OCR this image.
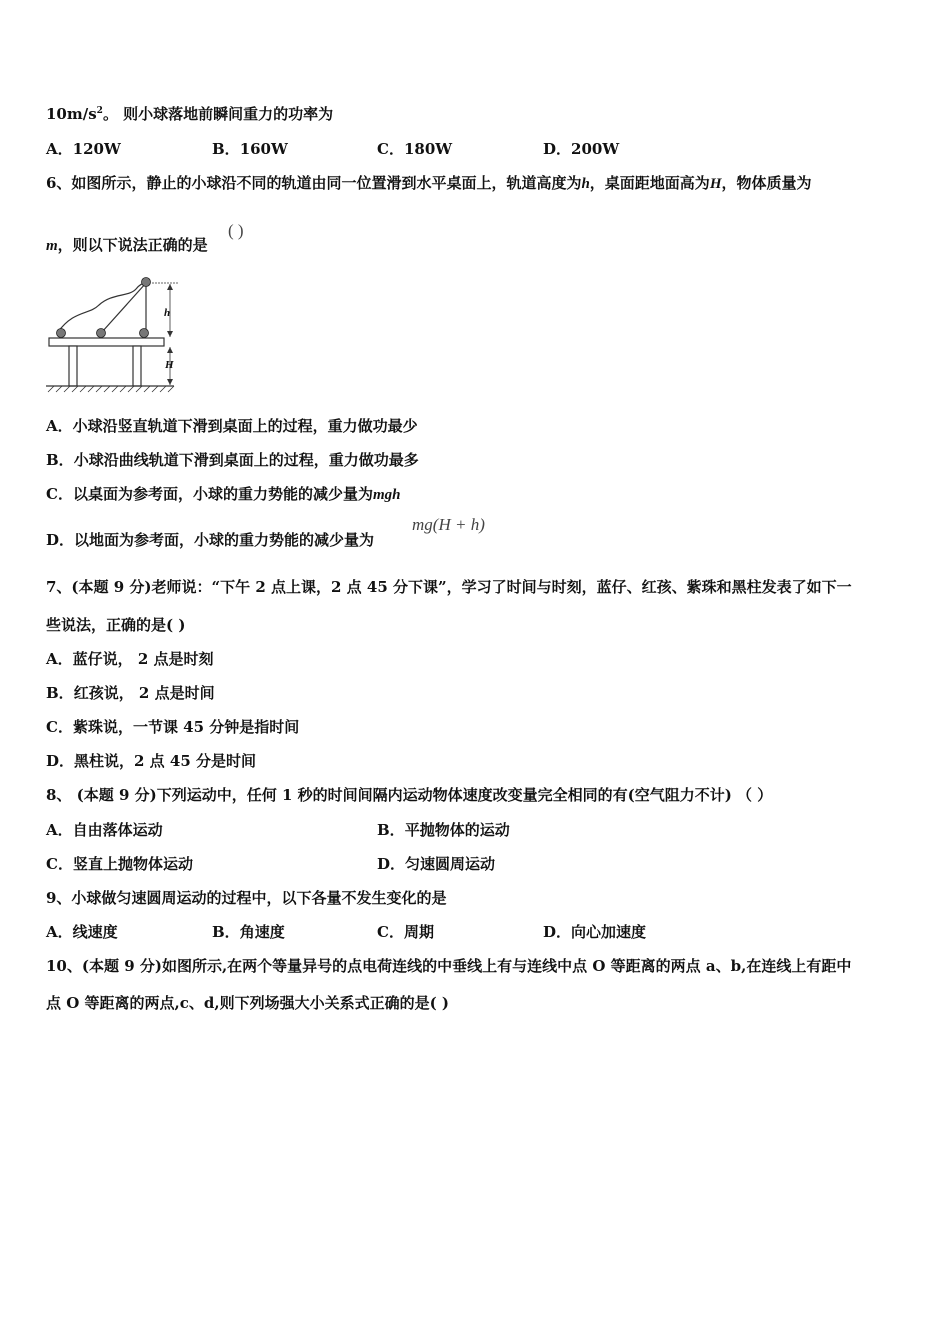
$10m/s^2$。 则小球落地前瞬间重力的功率为
A．120W	B．160W	C．180W	D．200W
6、如图所示，静止的小球沿不同的轨道由同一位置滑到水平桌面上，轨道高度为h，桌面距地面高为H，物体质量为
m，则以下说法正确的是
( )
h
H
A．小球沿竖直轨道下滑到桌面上的过程，重力做功最少
B．小球沿曲线轨道下滑到桌面上的过程，重力做功最多
C．以桌面为参考面，小球的重力势能的减少量为mgh
D．以地面为参考面，小球的重力势能的减少量为
mg(H + h)
7、(本题 9 分)老师说：“下午 2 点上课，2 点 45 分下课”，学习了时间与时刻，蓝仔、红孩、紫珠和黑柱发表了如下一
些说法，正确的是( )
A．蓝仔说， 2 点是时刻
B．红孩说， 2 点是时间
C．紫珠说，一节课 45 分钟是指时间
D．黑柱说，2 点 45 分是时间
8、 (本题 9 分)下列运动中，任何 1 秒的时间间隔内运动物体速度改变量完全相同的有(空气阻力不计) （ ）
A．自由落体运动	B．平抛物体的运动
C．竖直上抛物体运动	D．匀速圆周运动
9、小球做匀速圆周运动的过程中，以下各量不发生变化的是
A．线速度	B．角速度	C．周期	D．向心加速度
10、(本题 9 分)如图所示,在两个等量异号的点电荷连线的中垂线上有与连线中点 O 等距离的两点 a、b,在连线上有距中
点 O 等距离的两点,c、d,则下列场强大小关系式正确的是( )
